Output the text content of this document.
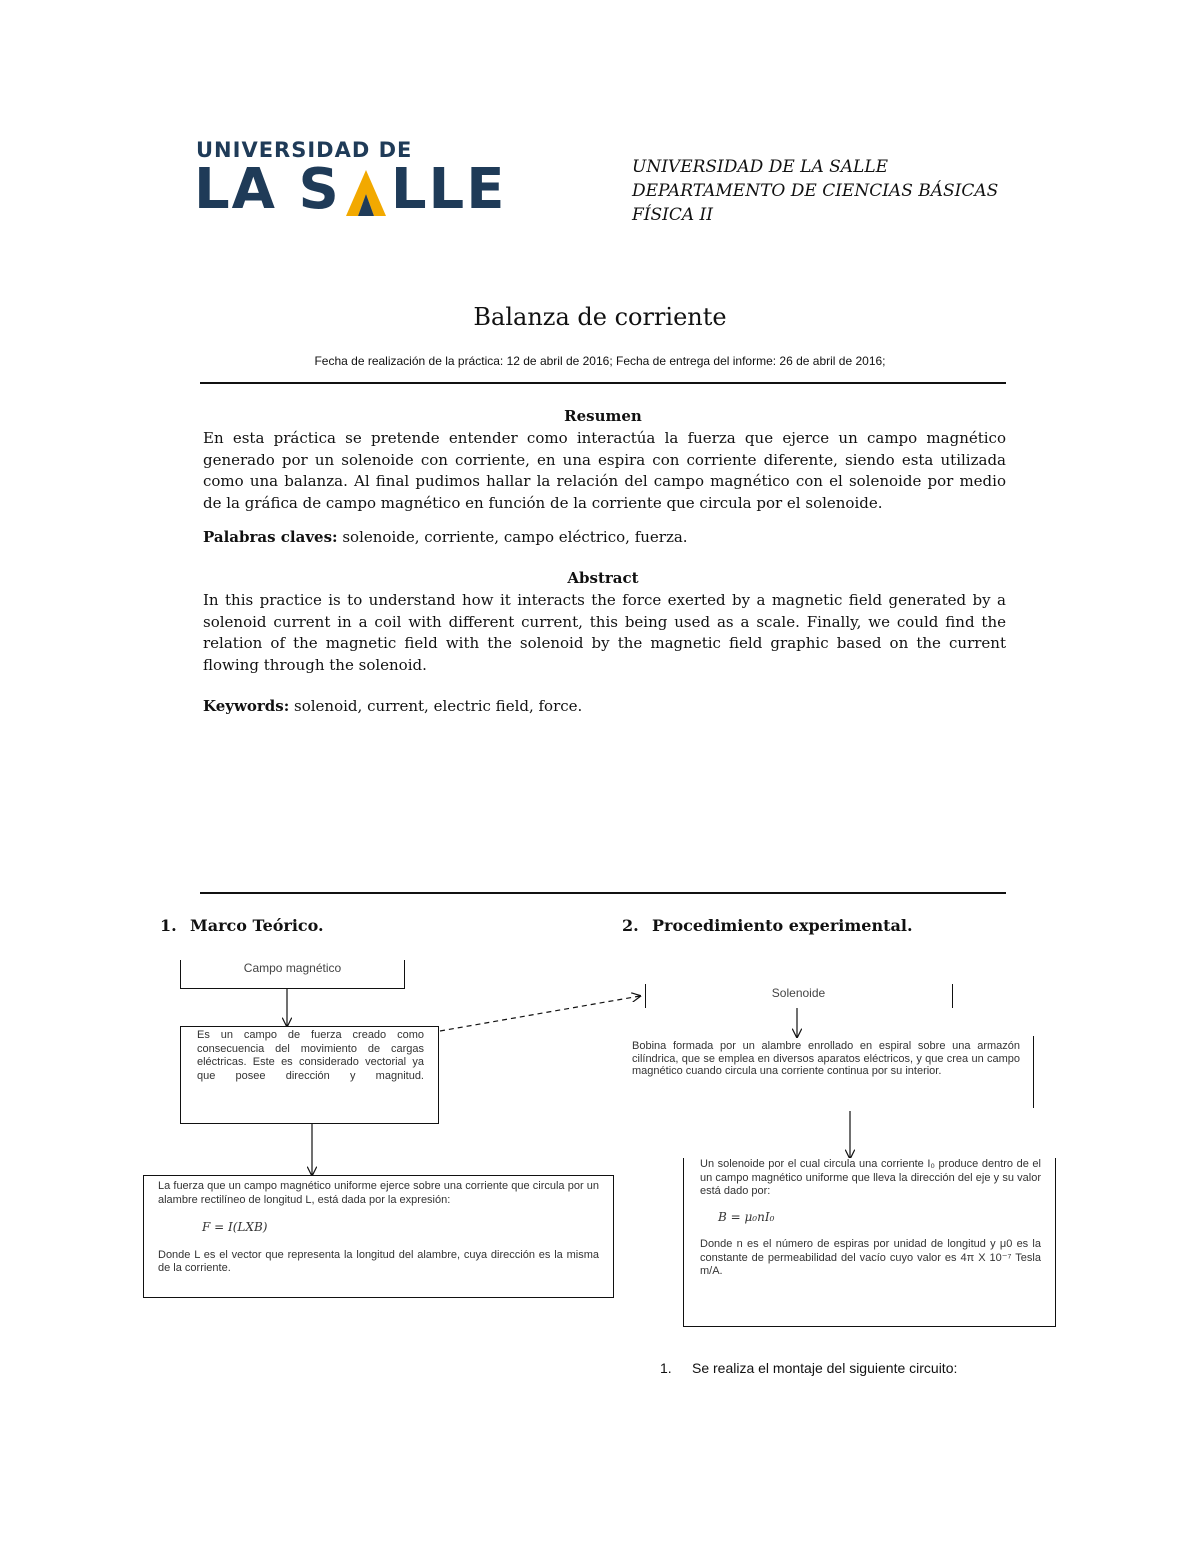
UNIVERSIDAD DE
LA S LLE	UNIVERSIDAD DE LA SALLE
DEPARTAMENTO DE CIENCIAS BÁSICAS
FÍSICA II
Balanza de corriente
Fecha de realización de la práctica: 12 de abril de 2016; Fecha de entrega del informe: 26 de abril de 2016;
Resumen
En esta práctica se pretende entender como interactúa la fuerza que ejerce un campo magnético generado por un solenoide con corriente, en una espira con corriente diferente, siendo esta utilizada como una balanza. Al final pudimos hallar la relación del campo magnético con el solenoide por medio de la gráfica de campo magnético en función de la corriente que circula por el solenoide.
Palabras claves: solenoide, corriente, campo eléctrico, fuerza.
Abstract
In this practice is to understand how it interacts the force exerted by a magnetic field generated by a solenoid current in a coil with different current, this being used as a scale. Finally, we could find the relation of the magnetic field with the solenoid by the magnetic field graphic based on the current flowing through the solenoid.
Keywords: solenoid, current, electric field, force.
1. Marco Teórico.	2. Procedimiento experimental.
Campo magnético
Es un campo de fuerza creado como consecuencia del movimiento de cargas eléctricas. Este es considerado vectorial ya que posee dirección y magnitud.
La fuerza que un campo magnético uniforme ejerce sobre una corriente que circula por un alambre rectilíneo de longitud L, está dada por la expresión:
F = I(LXB)
Donde L es el vector que representa la longitud del alambre, cuya dirección es la misma de la corriente.
Solenoide
Bobina formada por un alambre enrollado en espiral sobre una armazón cilíndrica, que se emplea en diversos aparatos eléctricos, y que crea un campo magnético cuando circula una corriente continua por su interior.
Un solenoide por el cual circula una corriente I₀ produce dentro de el un campo magnético uniforme que lleva la dirección del eje y su valor está dado por:
B = μ₀nI₀
Donde n es el número de espiras por unidad de longitud y μ0 es la constante de permeabilidad del vacío cuyo valor es 4π X 10⁻⁷ Tesla m/A.
1. Se realiza el montaje del siguiente circuito:
